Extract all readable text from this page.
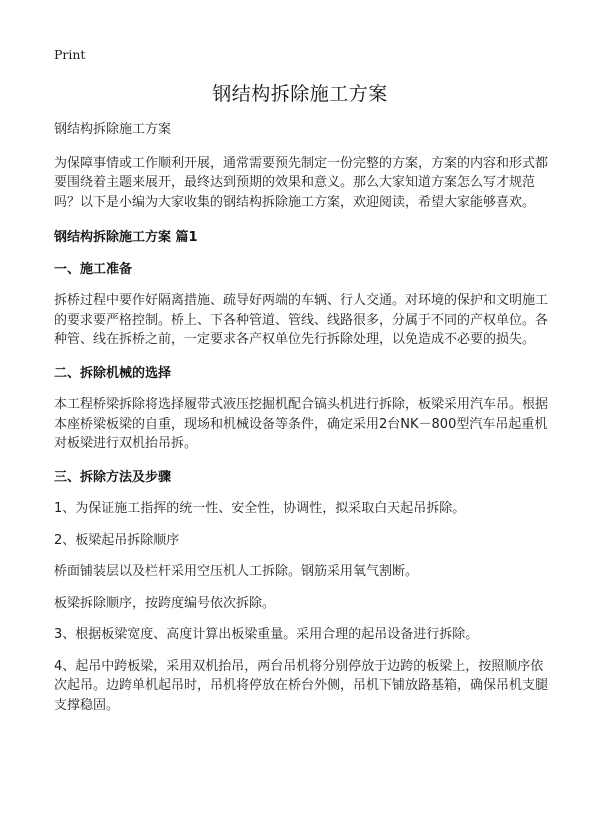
Print
钢结构拆除施工方案

钢结构拆除施工方案

为保障事情或工作顺利开展，通常需要预先制定一份完整的方案，方案的内容和形式都要围绕着主题来展开，最终达到预期的效果和意义。那么大家知道方案怎么写才规范吗？以下是小编为大家收集的钢结构拆除施工方案，欢迎阅读，希望大家能够喜欢。

钢结构拆除施工方案 篇1
一、施工准备

拆桥过程中要作好隔离措施、疏导好两端的车辆、行人交通。对环境的保护和文明施工的要求要严格控制。桥上、下各种管道、管线、线路很多，分属于不同的产权单位。各种管、线在拆桥之前，一定要求各产权单位先行拆除处理，以免造成不必要的损失。

二、拆除机械的选择

本工程桥梁拆除将选择履带式液压挖掘机配合镐头机进行拆除，板梁采用汽车吊。根据本座桥梁板梁的自重，现场和机械设备等条件，确定采用2台NK－800型汽车吊起重机对板梁进行双机抬吊拆。

三、拆除方法及步骤

1、为保证施工指挥的统一性、安全性，协调性，拟采取白天起吊拆除。

2、板梁起吊拆除顺序

桥面铺装层以及栏杆采用空压机人工拆除。钢筋采用氧气割断。

板梁拆除顺序，按跨度编号依次拆除。

3、根据板梁宽度、高度计算出板梁重量。采用合理的起吊设备进行拆除。

4、起吊中跨板梁，采用双机抬吊，两台吊机将分别停放于边跨的板梁上，按照顺序依次起吊。边跨单机起吊时，吊机将停放在桥台外侧，吊机下铺放路基箱，确保吊机支腿支撑稳固。
